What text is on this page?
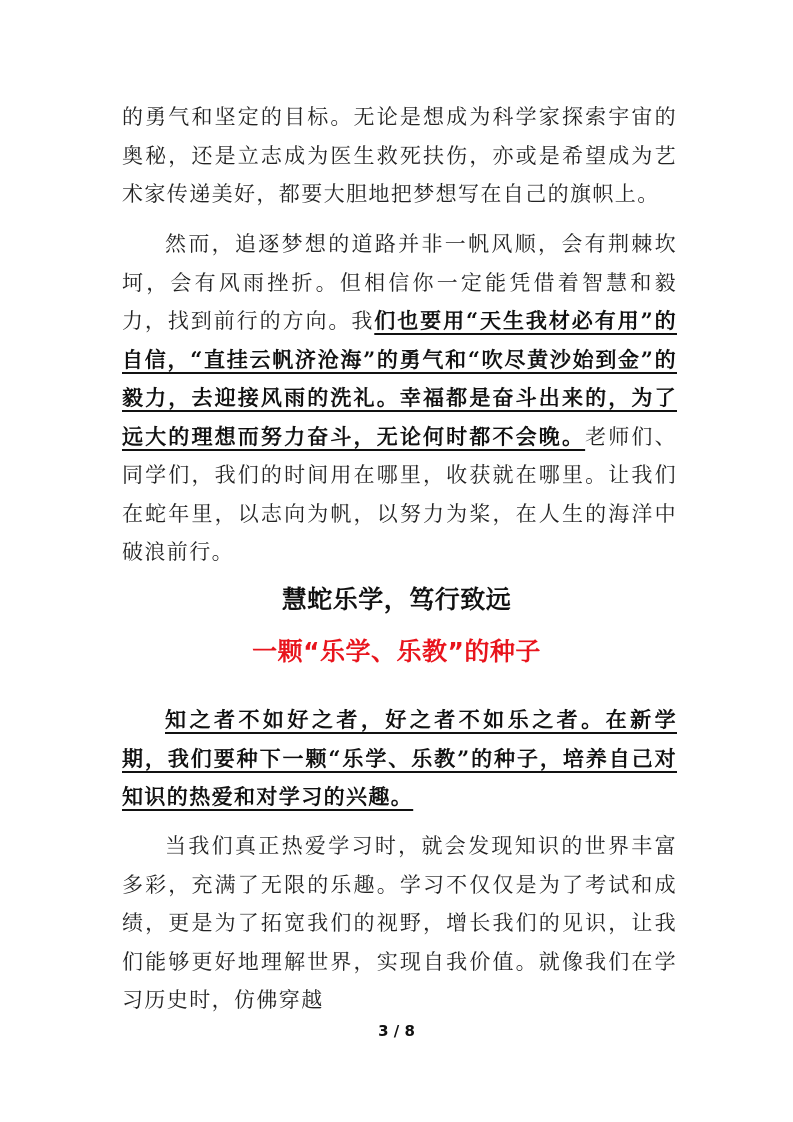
的勇气和坚定的目标。无论是想成为科学家探索宇宙的奥秘，还是立志成为医生救死扶伤，亦或是希望成为艺术家传递美好，都要大胆地把梦想写在自己的旗帜上。

然而，追逐梦想的道路并非一帆风顺，会有荆棘坎坷，会有风雨挫折。但相信你一定能凭借着智慧和毅力，找到前行的方向。我们也要用“天生我材必有用”的自信，“直挂云帆济沧海”的勇气和“吹尽黄沙始到金”的毅力，去迎接风雨的洗礼。幸福都是奋斗出来的，为了远大的理想而努力奋斗，无论何时都不会晚。老师们、同学们，我们的时间用在哪里，收获就在哪里。让我们在蛇年里，以志向为帆，以努力为桨，在人生的海洋中破浪前行。

慧蛇乐学，笃行致远
一颗“乐学、乐教”的种子

知之者不如好之者，好之者不如乐之者。在新学期，我们要种下一颗“乐学、乐教”的种子，培养自己对知识的热爱和对学习的兴趣。

当我们真正热爱学习时，就会发现知识的世界丰富多彩，充满了无限的乐趣。学习不仅仅是为了考试和成绩，更是为了拓宽我们的视野，增长我们的见识，让我们能够更好地理解世界，实现自我价值。就像我们在学习历史时，仿佛穿越

3 / 8
